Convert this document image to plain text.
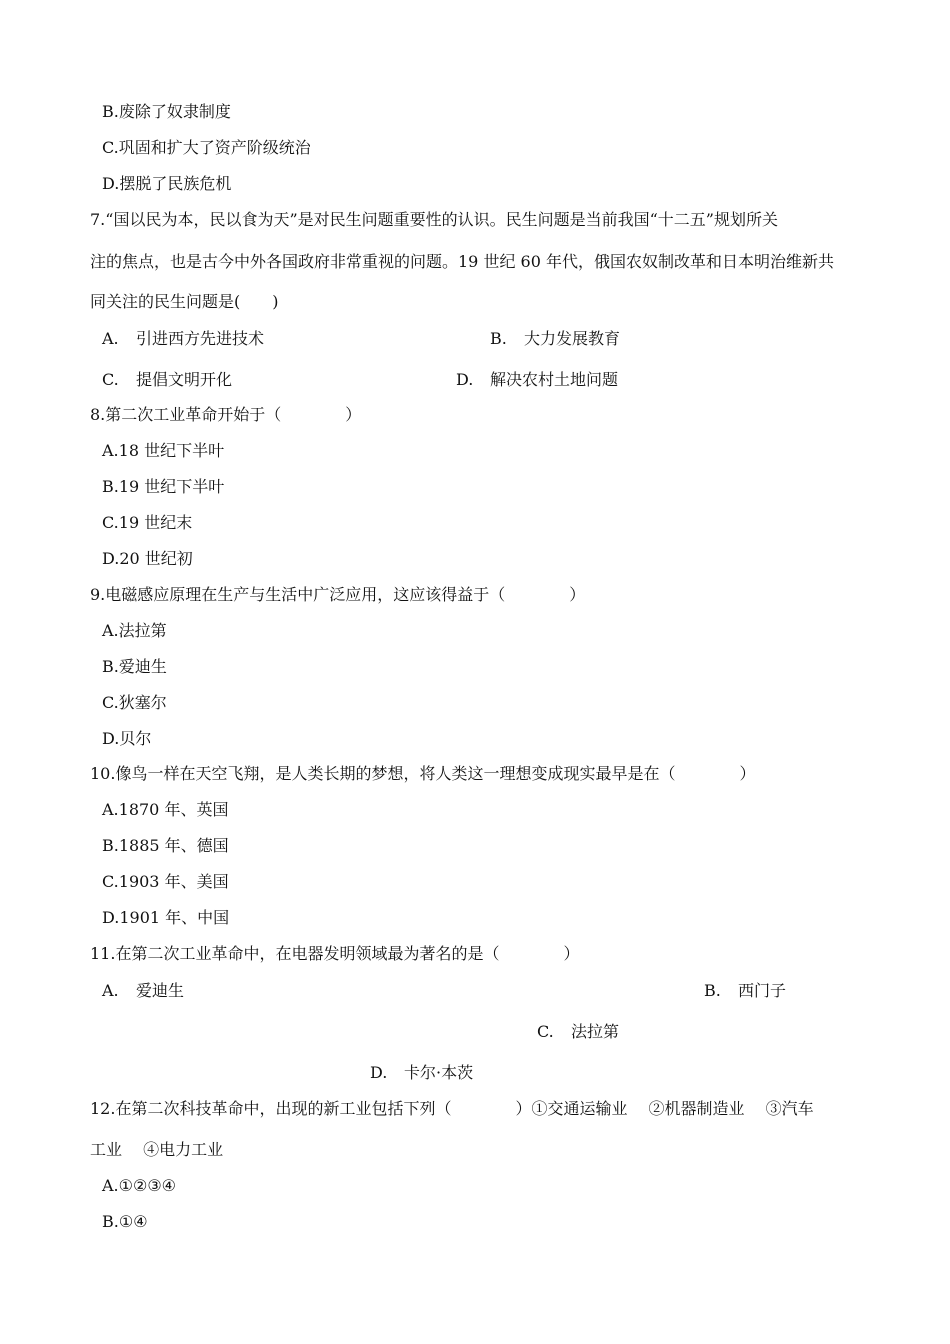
B.废除了奴隶制度
C.巩固和扩大了资产阶级统治
D.摆脱了民族危机
7.“国以民为本，民以食为天”是对民生问题重要性的认识。民生问题是当前我国“十二五”规划所关
注的焦点，也是古今中外各国政府非常重视的问题。19 世纪 60 年代，俄国农奴制改革和日本明治维新共
同关注的民生问题是(　　)
A. 引进西方先进技术	B. 大力发展教育
C. 提倡文明开化	D. 解决农村土地问题
8.第二次工业革命开始于（　　　　）
A.18 世纪下半叶
B.19 世纪下半叶
C.19 世纪末
D.20 世纪初
9.电磁感应原理在生产与生活中广泛应用，这应该得益于（　　　　）
A.法拉第
B.爱迪生
C.狄塞尔
D.贝尔
10.像鸟一样在天空飞翔，是人类长期的梦想，将人类这一理想变成现实最早是在（　　　　）
A.1870 年、英国
B.1885 年、德国
C.1903 年、美国
D.1901 年、中国
11.在第二次工业革命中，在电器发明领域最为著名的是（　　　　）
A. 爱迪生	B. 西门子
C. 法拉第
D. 卡尔·本茨
12.在第二次科技革命中，出现的新工业包括下列（　　　　）①交通运输业　 ②机器制造业　 ③汽车
工业　 ④电力工业
A.①②③④
B.①④
